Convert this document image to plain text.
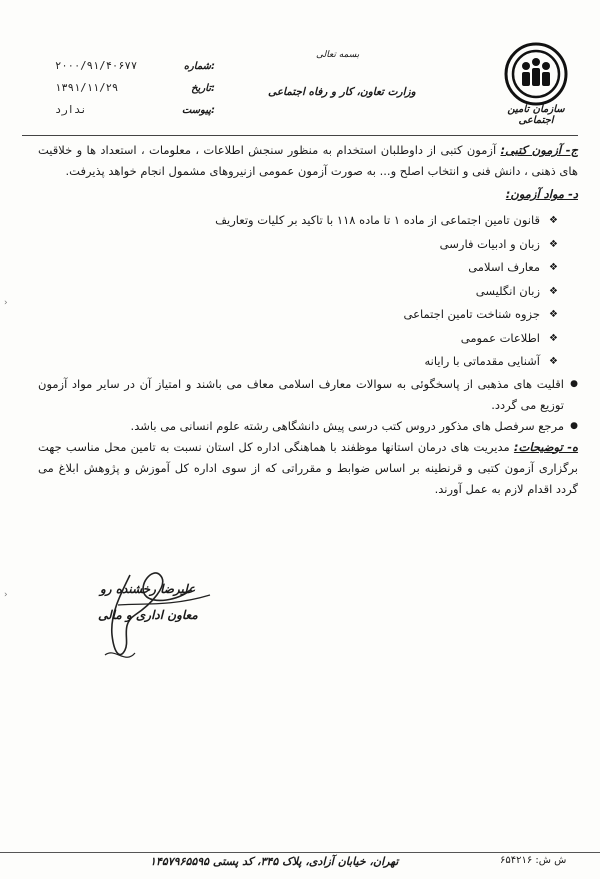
سازمان تامین اجتماعی
بسمه تعالی
وزارت تعاون، کار و رفاه اجتماعی
شماره:
۲۰۰۰/۹۱/۴۰۶۷۷
تاریخ:
۱۳۹۱/۱۱/۲۹
پیوست:
ندارد
ج- آزمون کتبی: آزمون کتبی از داوطلبان استخدام به منظور سنجش اطلاعات ، معلومات ، استعداد ها و خلاقیت های ذهنی ، دانش فنی و انتخاب اصلح و... به صورت آزمون عمومی ازنیروهای مشمول انجام خواهد پذیرفت.
د- مواد آزمون:
❖
قانون تامین اجتماعی از ماده ۱ تا ماده ۱۱۸ با تاکید بر کلیات وتعاریف
❖
زبان و ادبیات فارسی
❖
معارف اسلامی
❖
زبان انگلیسی
❖
جزوه شناخت تامین اجتماعی
❖
اطلاعات عمومی
❖
آشنایی مقدماتی با رایانه
●
اقلیت های مذهبی از پاسخگوئی به سوالات معارف اسلامی معاف می باشند و امتیاز آن در سایر مواد آزمون توزیع می گردد.
●
مرجع سرفصل های مذکور دروس کتب درسی پیش دانشگاهی رشته علوم انسانی می باشد.
ه- توضیحات: مدیریت های درمان استانها موظفند با هماهنگی اداره کل استان نسبت به تامین محل مناسب جهت برگزاری آزمون کتبی و قرنطینه بر اساس ضوابط و مقرراتی که از سوی اداره کل آموزش و پژوهش ابلاغ می گردد اقدام لازم به عمل آورند.
علیرضا رخشنده رو
معاون اداری و مالی
تهران، خیابان آزادی، پلاک ۳۴۵، کد پستی ۱۴۵۷۹۶۵۵۹۵	ش ش: ۶۵۴۲۱۶
›
›
